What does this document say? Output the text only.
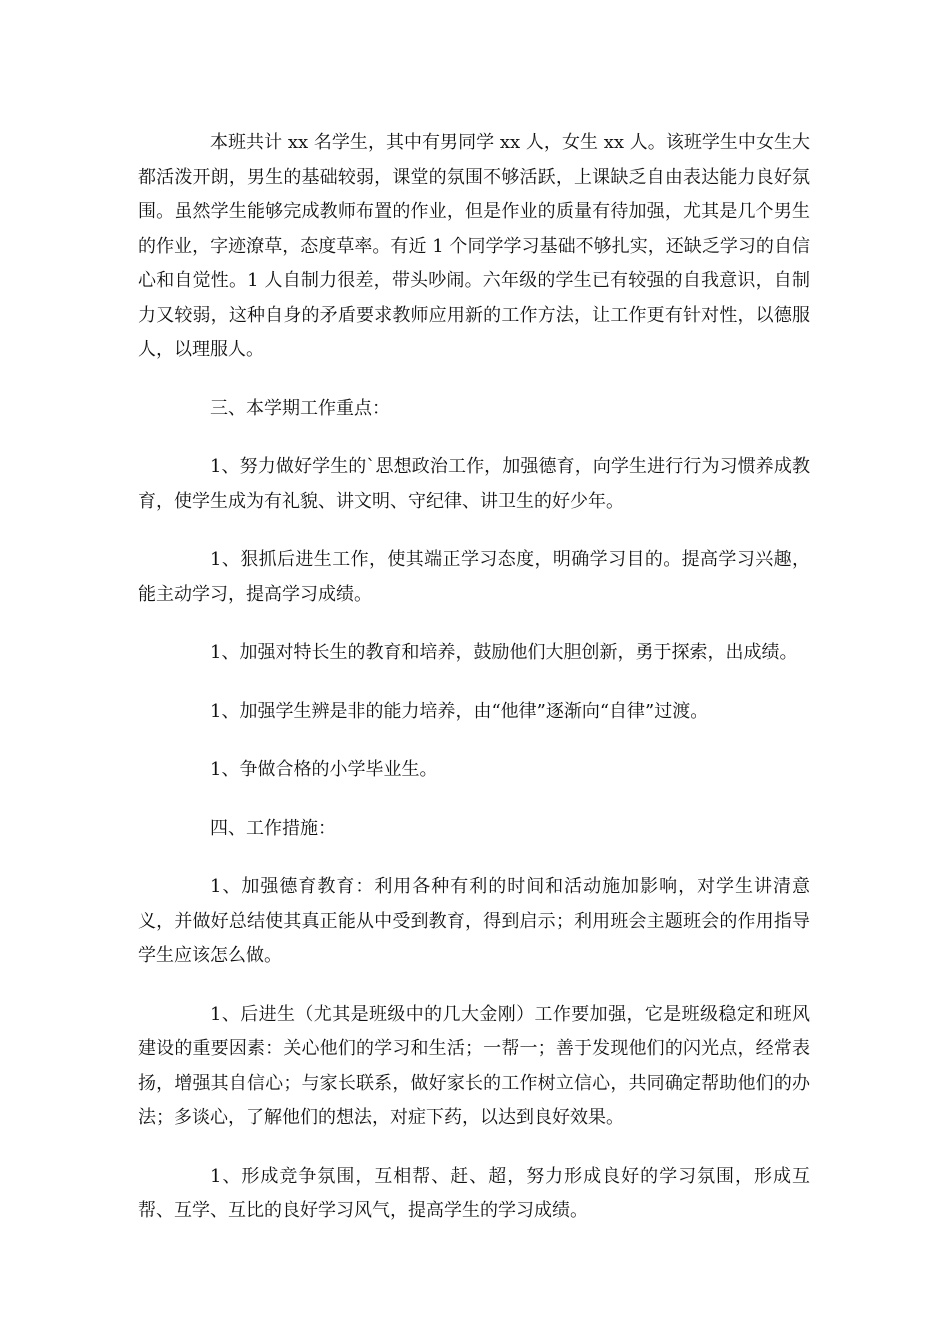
本班共计 xx 名学生，其中有男同学 xx 人，女生 xx 人。该班学生中女生大都活泼开朗，男生的基础较弱，课堂的氛围不够活跃，上课缺乏自由表达能力良好氛围。虽然学生能够完成教师布置的作业，但是作业的质量有待加强，尤其是几个男生的作业，字迹潦草，态度草率。有近 1 个同学学习基础不够扎实，还缺乏学习的自信心和自觉性。1 人自制力很差，带头吵闹。六年级的学生已有较强的自我意识，自制力又较弱，这种自身的矛盾要求教师应用新的工作方法，让工作更有针对性，以德服人，以理服人。

三、本学期工作重点：

1、努力做好学生的`思想政治工作，加强德育，向学生进行行为习惯养成教育，使学生成为有礼貌、讲文明、守纪律、讲卫生的好少年。

1、狠抓后进生工作，使其端正学习态度，明确学习目的。提高学习兴趣，能主动学习，提高学习成绩。

1、加强对特长生的教育和培养，鼓励他们大胆创新，勇于探索，出成绩。

1、加强学生辨是非的能力培养，由“他律”逐渐向“自律”过渡。

1、争做合格的小学毕业生。

四、工作措施：

1、加强德育教育：利用各种有利的时间和活动施加影响，对学生讲清意义，并做好总结使其真正能从中受到教育，得到启示；利用班会主题班会的作用指导学生应该怎么做。

1、后进生（尤其是班级中的几大金刚）工作要加强，它是班级稳定和班风建设的重要因素：关心他们的学习和生活；一帮一；善于发现他们的闪光点，经常表扬，增强其自信心；与家长联系，做好家长的工作树立信心，共同确定帮助他们的办法；多谈心，了解他们的想法，对症下药，以达到良好效果。

1、形成竞争氛围，互相帮、赶、超，努力形成良好的学习氛围，形成互帮、互学、互比的良好学习风气，提高学生的学习成绩。
